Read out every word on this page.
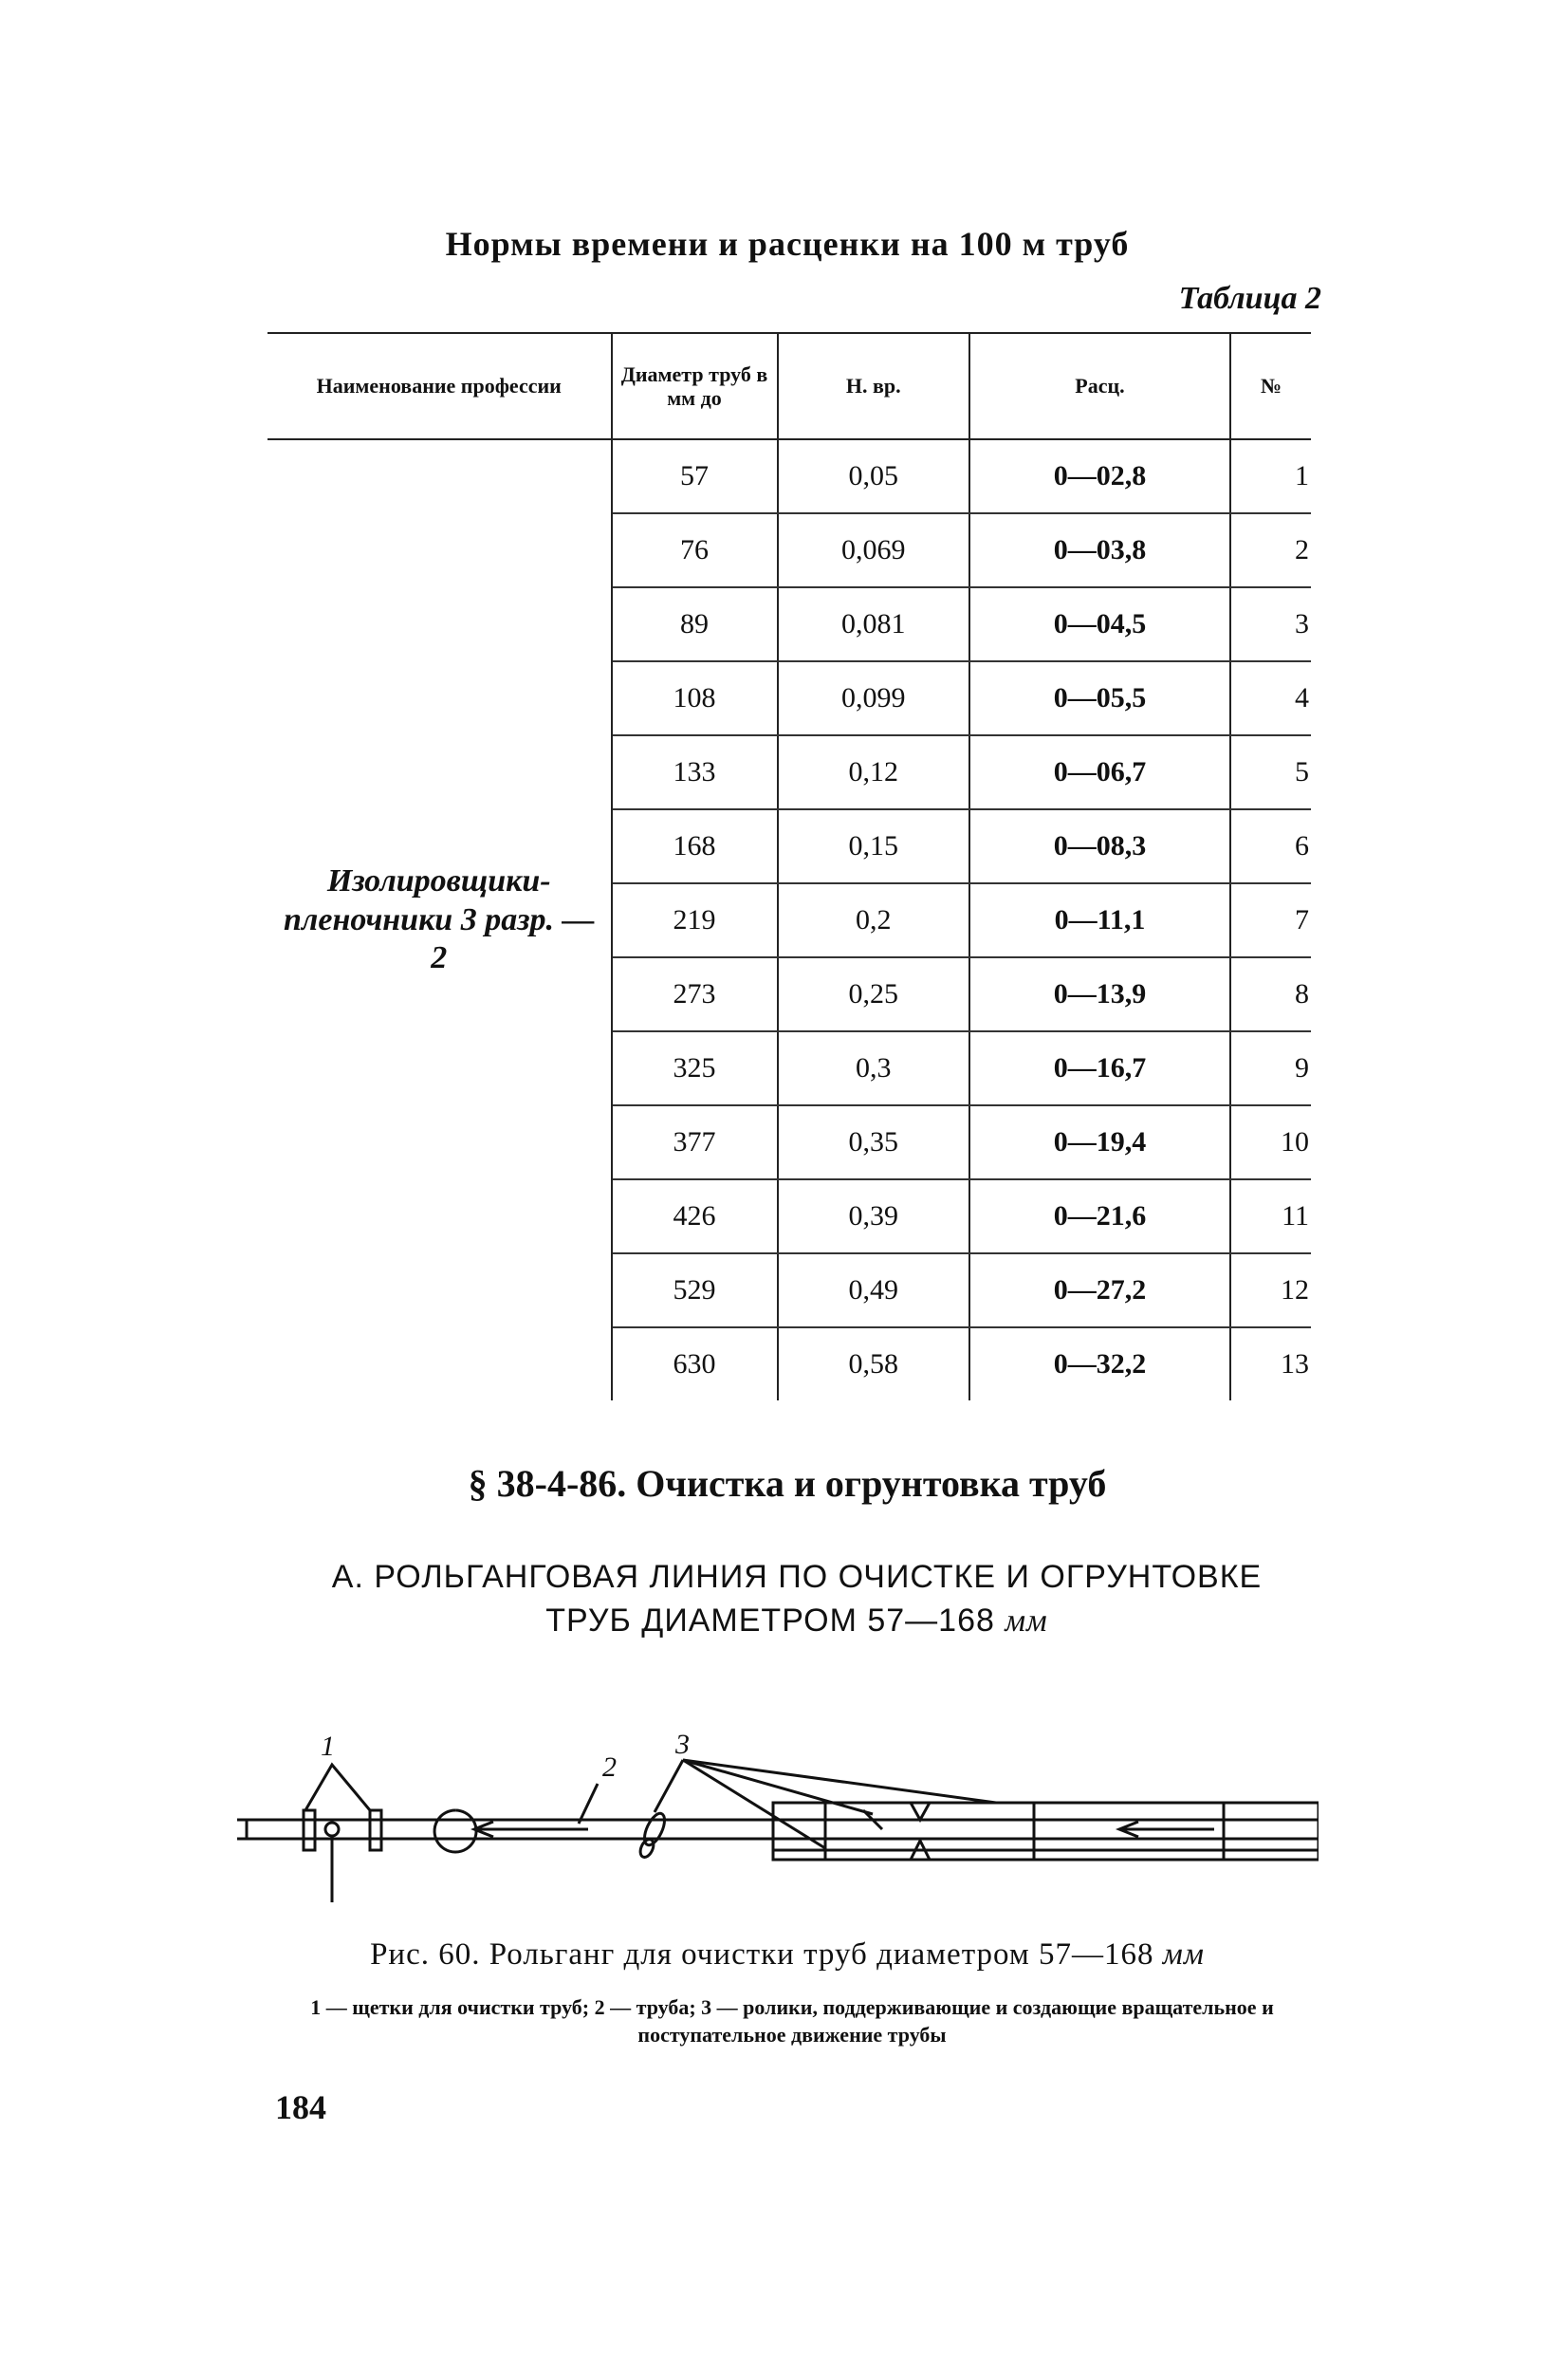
Нормы времени и расценки на 100 м труб
Таблица 2
Наименование профессии	Диаметр труб в мм до	Н. вр.	Расц.	№
Изолировщики-пленочники 3 разр. — 2	57	0,05	0—02,8	1
	76	0,069	0—03,8	2
	89	0,081	0—04,5	3
	108	0,099	0—05,5	4
	133	0,12	0—06,7	5
	168	0,15	0—08,3	6
	219	0,2	0—11,1	7
	273	0,25	0—13,9	8
	325	0,3	0—16,7	9
	377	0,35	0—19,4	10
	426	0,39	0—21,6	11
	529	0,49	0—27,2	12
	630	0,58	0—32,2	13
§ 38-4-86. Очистка и огрунтовка труб
А. РОЛЬГАНГОВАЯ ЛИНИЯ ПО ОЧИСТКЕ И ОГРУНТОВКЕ
ТРУБ ДИАМЕТРОМ 57—168 мм
1
2
3
Рис. 60. Рольганг для очистки труб диаметром 57—168 мм
1 — щетки для очистки труб; 2 — труба; 3 — ролики, поддерживающие и создающие вращательное и поступательное движение трубы
184
